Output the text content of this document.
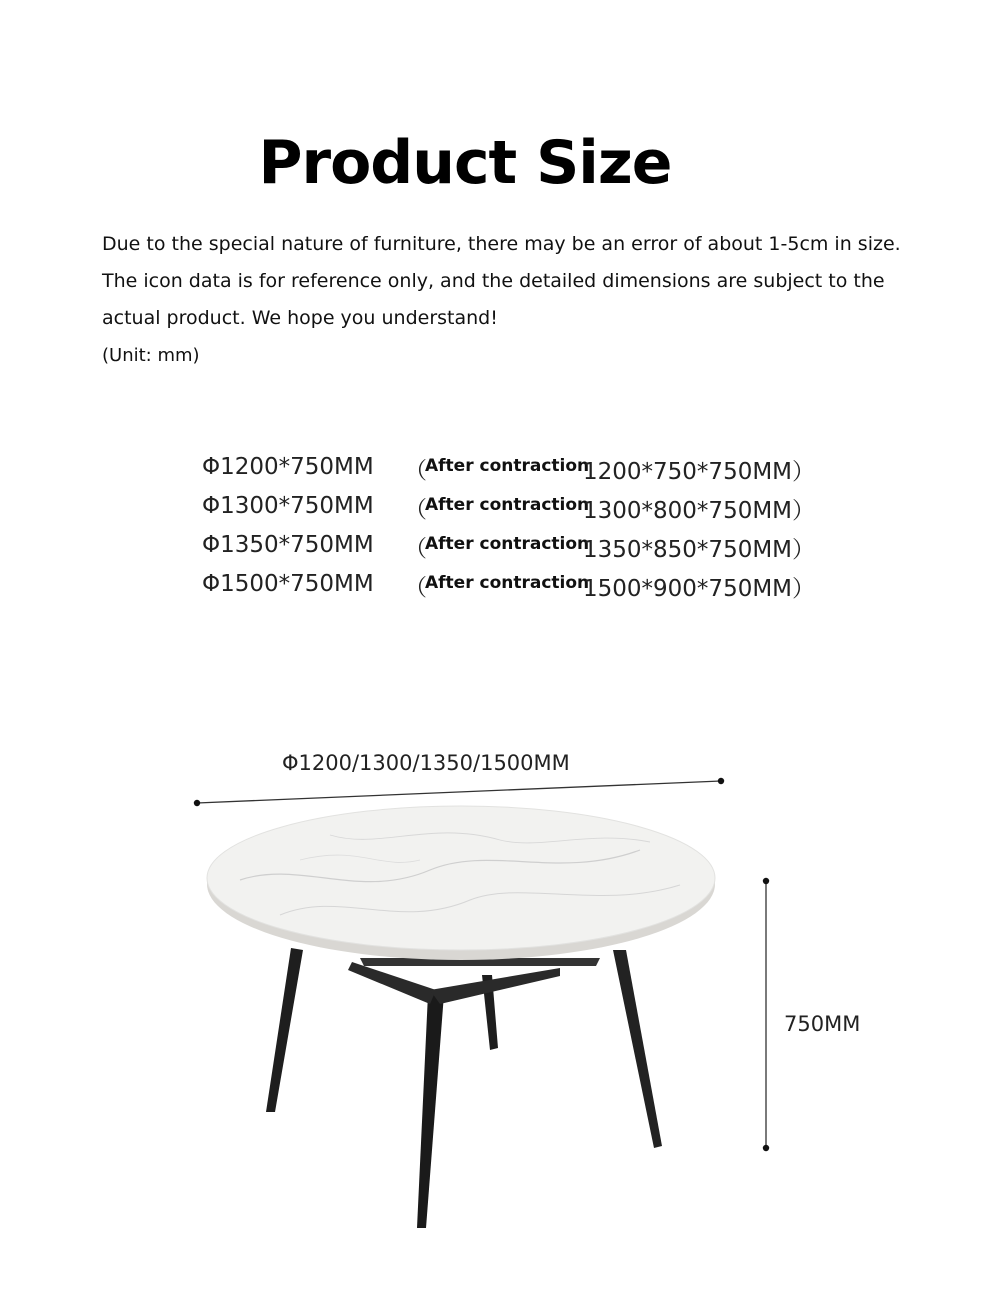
Product Size

Due to the special nature of furniture, there may be an error of about 1-5cm in size.

The icon data is for reference only, and the detailed dimensions are subject to the

actual product. We hope you understand!

(Unit: mm)

Φ1200*750MM （
After contraction
1200*750*750MM）
Φ1300*750MM （
After contraction
1300*800*750MM）
Φ1350*750MM （
After contraction
1350*850*750MM）
Φ1500*750MM （
After contraction
1500*900*750MM）
Φ1200/1300/1350/1500MM
750MM
